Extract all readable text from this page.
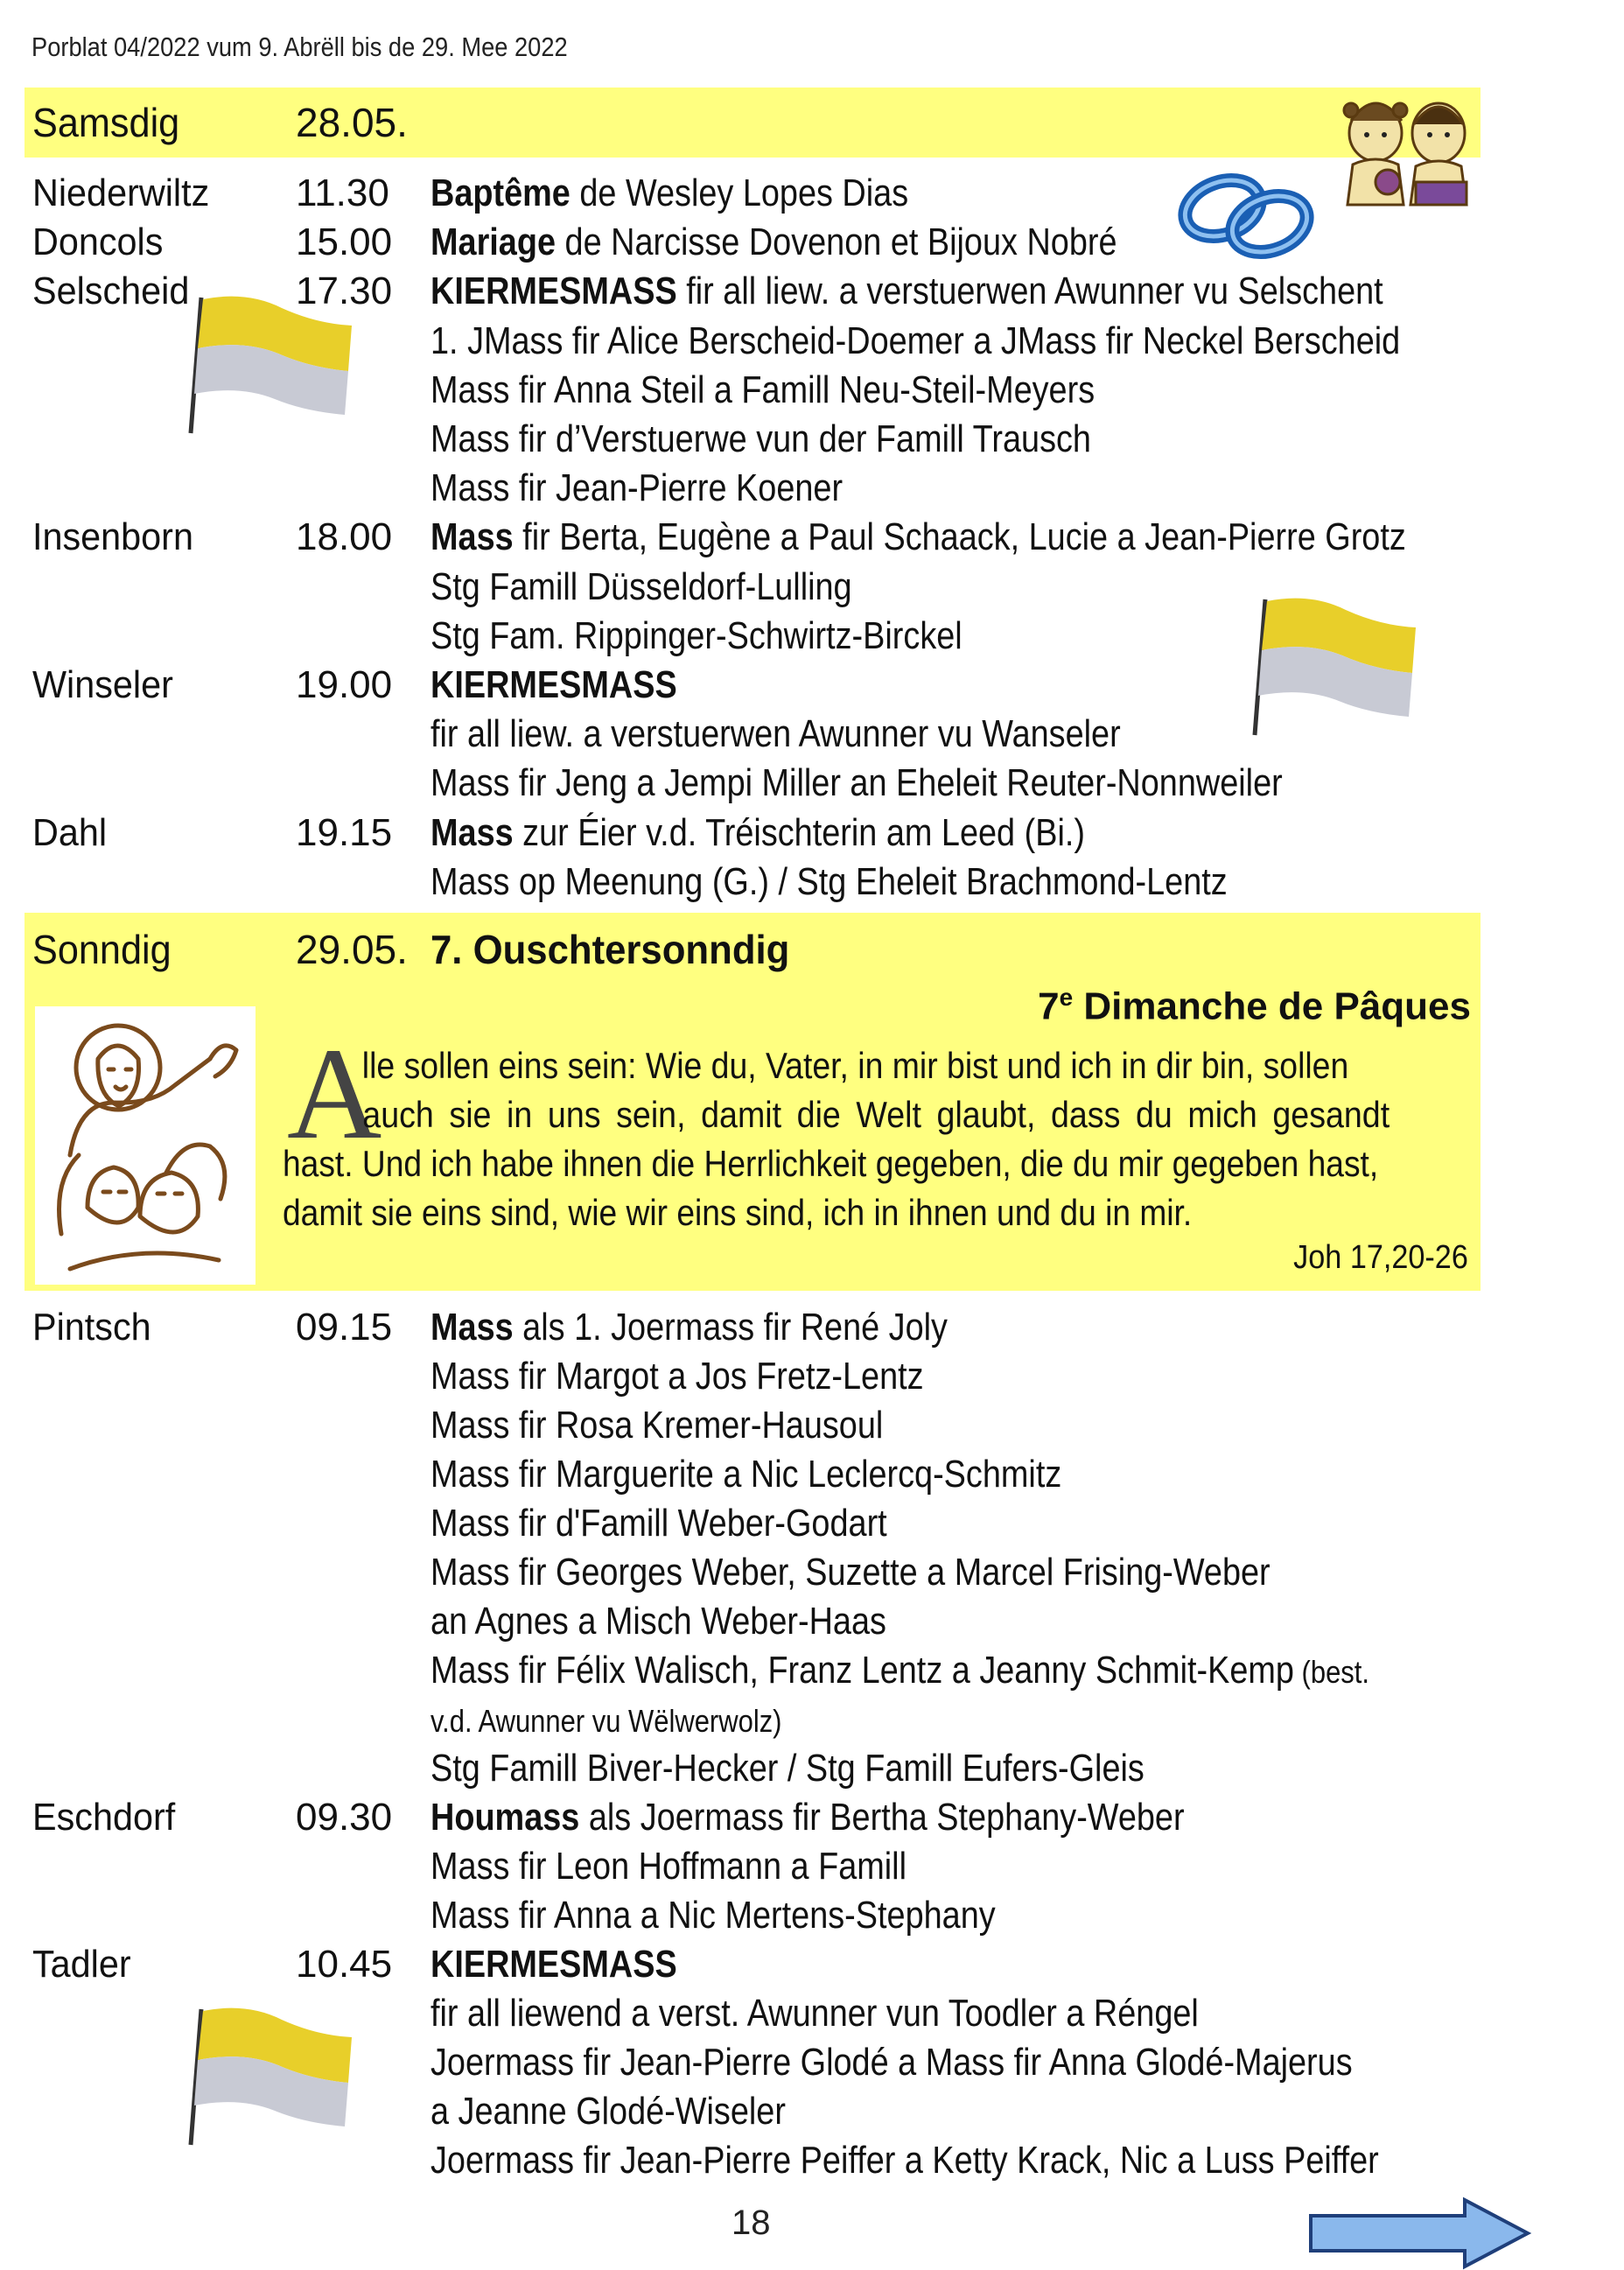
Porblat 04/2022 vum 9. Abrëll bis de 29. Mee 2022
Samsdig	28.05.
Niederwiltz 11.30 Baptême de Wesley Lopes Dias
Doncols	15.00 Mariage de Narcisse Dovenon et Bijoux Nobré
Selscheid	17.30 KIERMESMASS fir all liew. a verstuerwen Awunner vu Selschent
1. JMass fir Alice Berscheid-Doemer a JMass fir Neckel Berscheid
Mass fir Anna Steil a Famill Neu-Steil-Meyers
Mass fir d’Verstuerwe vun der Famill Trausch
Mass fir Jean-Pierre Koener
Insenborn	18.00 Mass fir Berta, Eugène a Paul Schaack, Lucie a Jean-Pierre Grotz
Stg Famill Düsseldorf-Lulling
Stg Fam. Rippinger-Schwirtz-Birckel
Winseler	19.00 KIERMESMASS
fir all liew. a verstuerwen Awunner vu Wanseler
Mass fir Jeng a Jempi Miller an Eheleit Reuter-Nonnweiler
Dahl	19.15 Mass zur Éier v.d. Tréischterin am Leed (Bi.)
Mass op Meenung (G.) / Stg Eheleit Brachmond-Lentz
Sonndig	29.05. 7. Ouschtersonndig
7e Dimanche de Pâques
A
lle sollen eins sein: Wie du, Vater, in mir bist und ich in dir bin, sollen
auch sie in uns sein, damit die Welt glaubt, dass du mich gesandt
hast. Und ich habe ihnen die Herrlichkeit gegeben, die du mir gegeben hast,
damit sie eins sind, wie wir eins sind, ich in ihnen und du in mir.
Joh 17,20-26
Pintsch	09.15 Mass als 1. Joermass fir René Joly
Mass fir Margot a Jos Fretz-Lentz
Mass fir Rosa Kremer-Hausoul
Mass fir Marguerite a Nic Leclercq-Schmitz
Mass fir d'Famill Weber-Godart
Mass fir Georges Weber, Suzette a Marcel Frising-Weber
an Agnes a Misch Weber-Haas
Mass fir Félix Walisch, Franz Lentz a Jeanny Schmit-Kemp (best.
v.d. Awunner vu Wëlwerwolz)
Stg Famill Biver-Hecker / Stg Famill Eufers-Gleis
Eschdorf	09.30 Houmass als Joermass fir Bertha Stephany-Weber
Mass fir Leon Hoffmann a Famill
Mass fir Anna a Nic Mertens-Stephany
Tadler	10.45 KIERMESMASS
fir all liewend a verst. Awunner vun Toodler a Réngel
Joermass fir Jean-Pierre Glodé a Mass fir Anna Glodé-Majerus
a Jeanne Glodé-Wiseler
Joermass fir Jean-Pierre Peiffer a Ketty Krack, Nic a Luss Peiffer
18
